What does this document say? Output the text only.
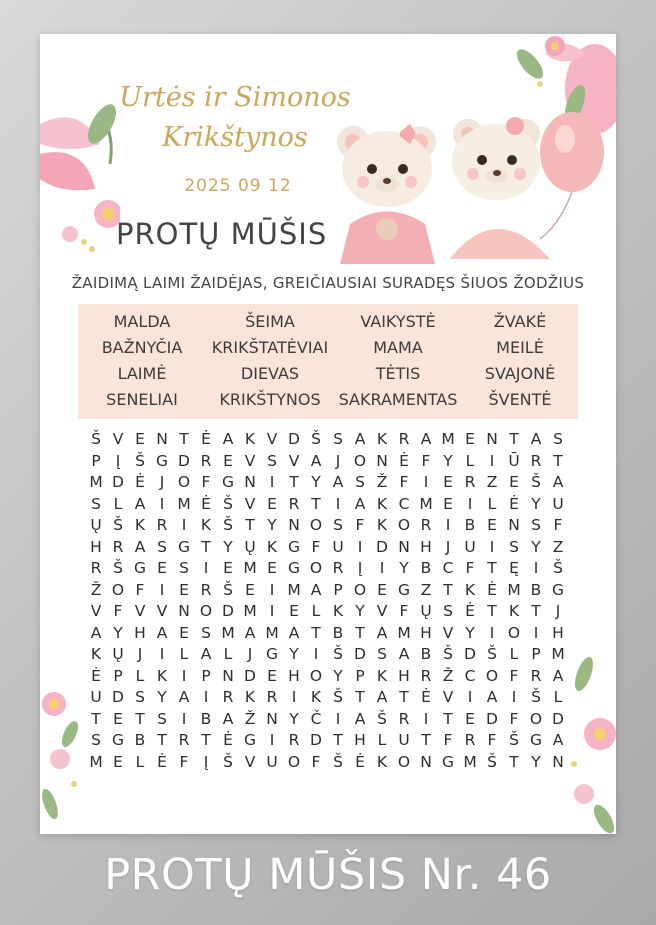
Urtės ir Simonos
Krikštynos
2025 09 12
PROTŲ MŪŠIS
ŽAIDIMĄ LAIMI ŽAIDĖJAS, GREIČIAUSIAI SURADĘS ŠIUOS ŽODŽIUS
MALDA	ŠEIMA	VAIKYSTĖ	ŽVAKĖ
BAŽNYČIA	KRIKŠTATĖVIAI	MAMA	MEILĖ
LAIMĖ	DIEVAS	TĖTIS	SVAJONĖ
SENELIAI	KRIKŠTYNOS	SAKRAMENTAS	ŠVENTĖ
Š V E N T Ė A K V D Š S A K R A M E N T A S
P Į Š G D R E V S V A J O N Ė F Y L I Ū R T
M D Ė J O F G N I T Y A S Ž F I E R Z E Š A
S L A I M Ė Š V E R T I A K C M E I L Ė Y U
Ų Š K R I K Š T Y N O S F K O R I B E N S F
H R A S G T Y Ų K G F U I D N H J U I S Y Z
R Š G E S I E M E G O R Į	I Y B C F T Ę I Š
Ž O F I E R Š E I M A P O E G Z T K Ė M B G
V F V V N O D M I E L K Y V F Ų S Ė T K T J
A Y H A E S M A M A T B T A M H V Y I O I H
K Ų J	I L A L J G Y I Š D S A B Š D Š L P M
Ė P L K I P N D E H O Y P K H R Ž C O F R A
U D S Y A I R K R I K Š T A T Ė V I A I Š L
T E T S I B A Ž N Y Č I A Š R I T E D F O D
S G B T R T Ė G I R D T H L U T F R F Š G A
M E L Ė F Į Š V U O F Š Ė K O N G M Š T Y N
PROTŲ MŪŠIS Nr. 46
